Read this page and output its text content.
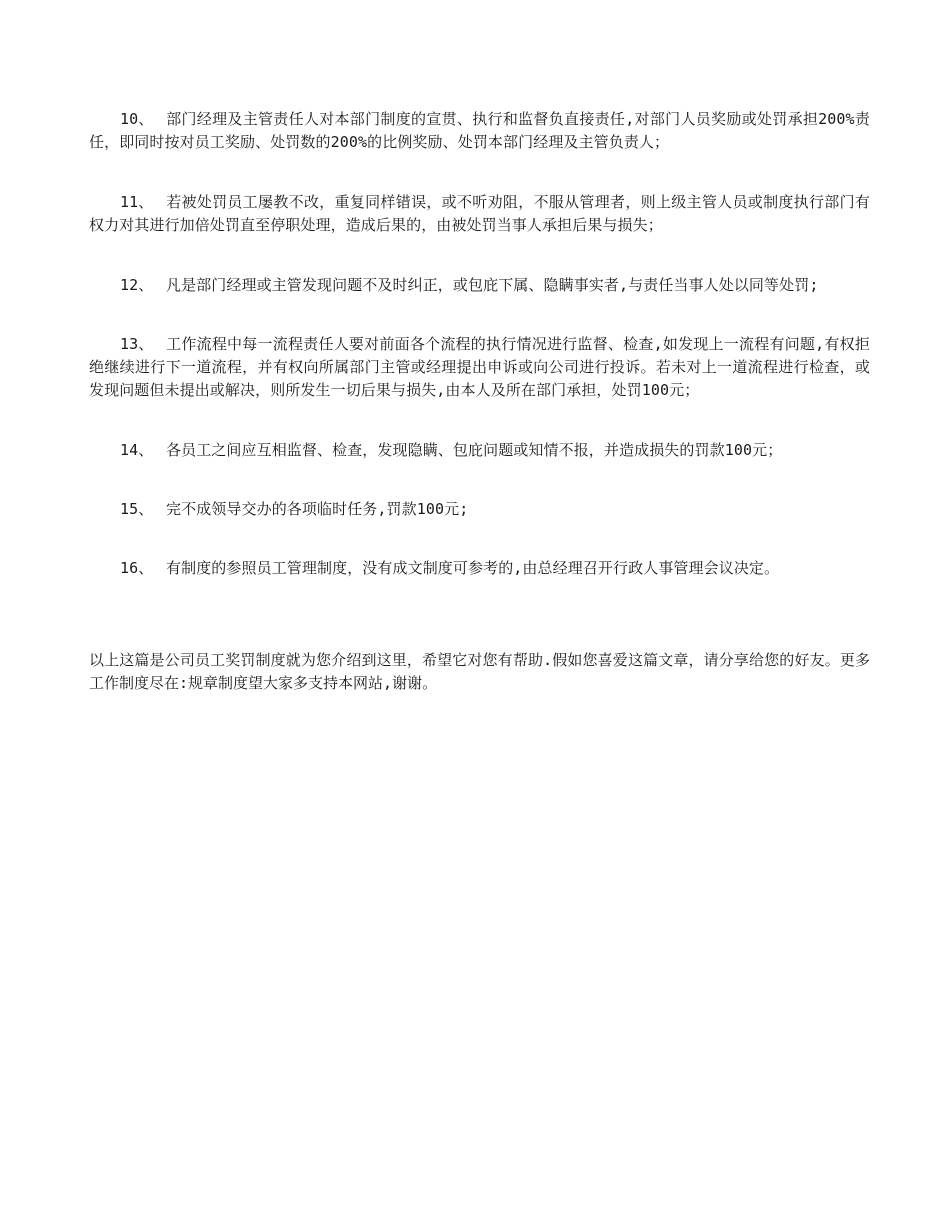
10、 部门经理及主管责任人对本部门制度的宣贯、执行和监督负直接责任,对部门人员奖励或处罚承担200%责任，即同时按对员工奖励、处罚数的200%的比例奖励、处罚本部门经理及主管负责人；

11、 若被处罚员工屡教不改，重复同样错误，或不听劝阻，不服从管理者，则上级主管人员或制度执行部门有权力对其进行加倍处罚直至停职处理，造成后果的，由被处罚当事人承担后果与损失；

12、 凡是部门经理或主管发现问题不及时纠正，或包庇下属、隐瞒事实者,与责任当事人处以同等处罚;

13、 工作流程中每一流程责任人要对前面各个流程的执行情况进行监督、检查,如发现上一流程有问题,有权拒绝继续进行下一道流程，并有权向所属部门主管或经理提出申诉或向公司进行投诉。若未对上一道流程进行检查，或发现问题但未提出或解决，则所发生一切后果与损失,由本人及所在部门承担，处罚100元；

14、 各员工之间应互相监督、检查，发现隐瞒、包庇问题或知情不报，并造成损失的罚款100元；

15、 完不成领导交办的各项临时任务,罚款100元;

16、 有制度的参照员工管理制度，没有成文制度可参考的,由总经理召开行政人事管理会议决定。

以上这篇是公司员工奖罚制度就为您介绍到这里，希望它对您有帮助.假如您喜爱这篇文章，请分享给您的好友。更多工作制度尽在:规章制度望大家多支持本网站,谢谢。
